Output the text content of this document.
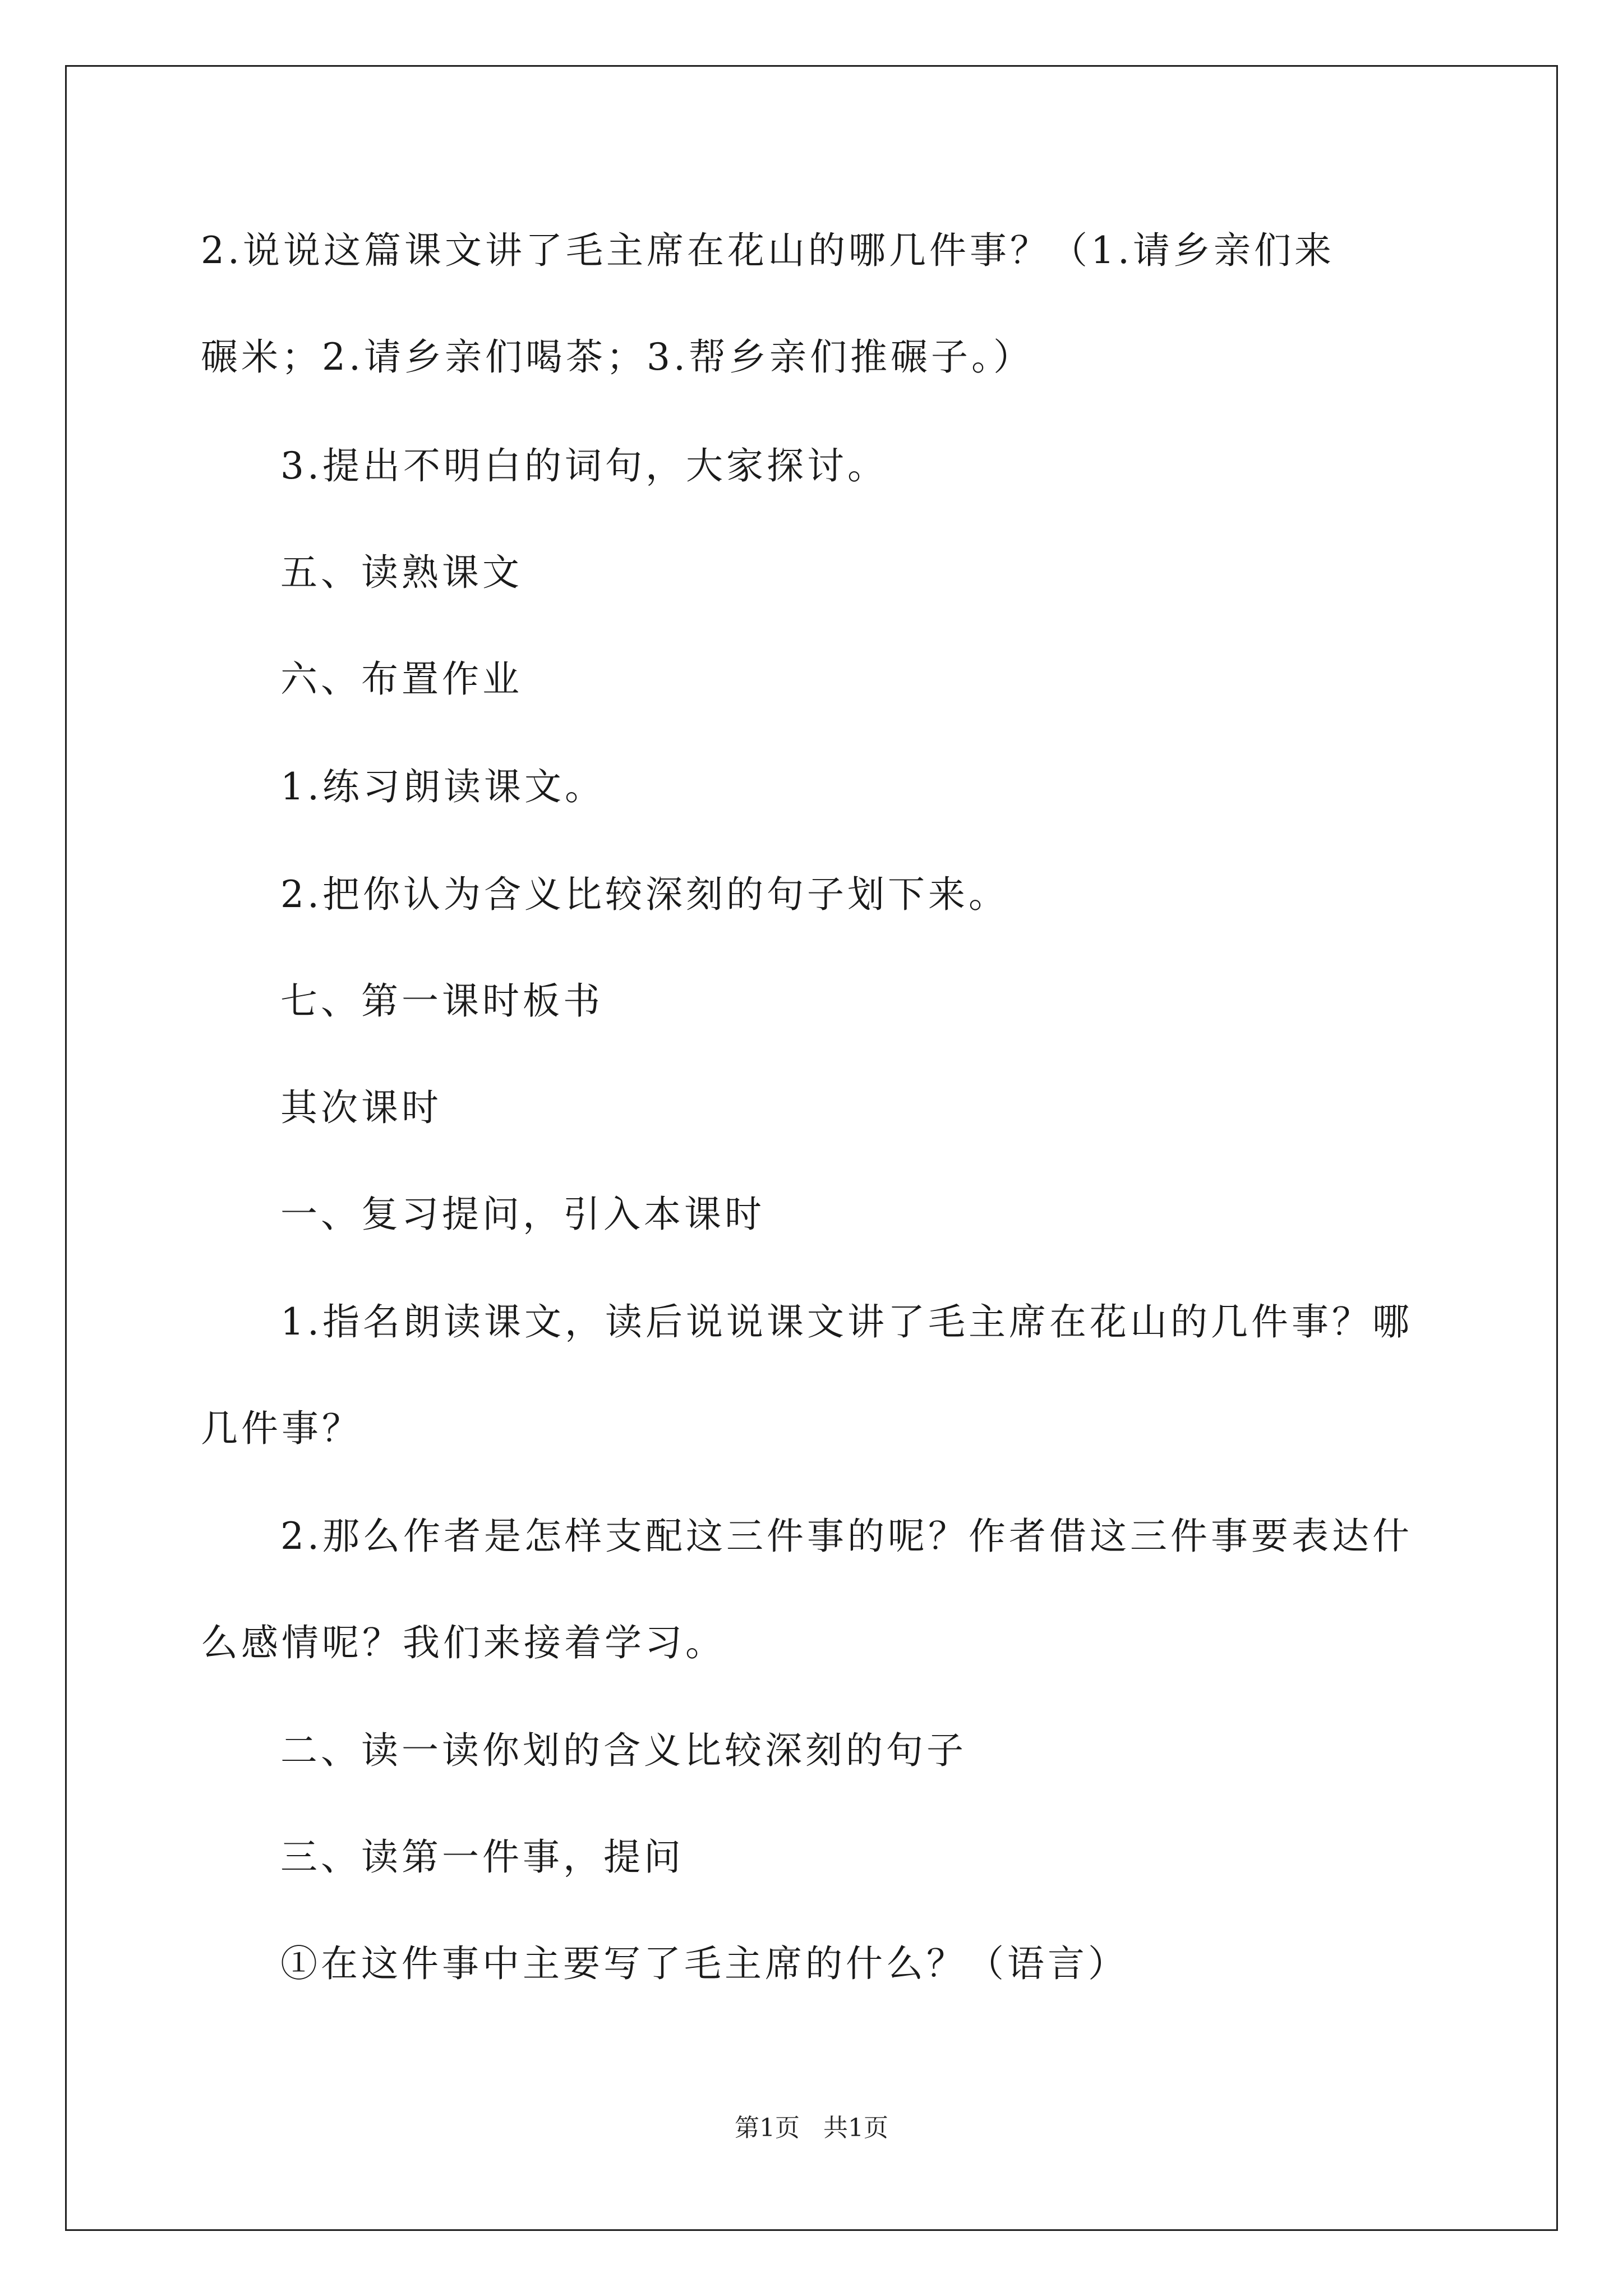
2.说说这篇课文讲了毛主席在花山的哪几件事？（1.请乡亲们来
碾米；2.请乡亲们喝茶；3.帮乡亲们推碾子。）
3.提出不明白的词句，大家探讨。
五、读熟课文
六、布置作业
1.练习朗读课文。
2.把你认为含义比较深刻的句子划下来。
七、第一课时板书
其次课时
一、复习提问，引入本课时
1.指名朗读课文，读后说说课文讲了毛主席在花山的几件事？哪
几件事？
2.那么作者是怎样支配这三件事的呢？作者借这三件事要表达什
么感情呢？我们来接着学习。
二、读一读你划的含义比较深刻的句子
三、读第一件事，提问
①在这件事中主要写了毛主席的什么？（语言）
第1页 共1页
